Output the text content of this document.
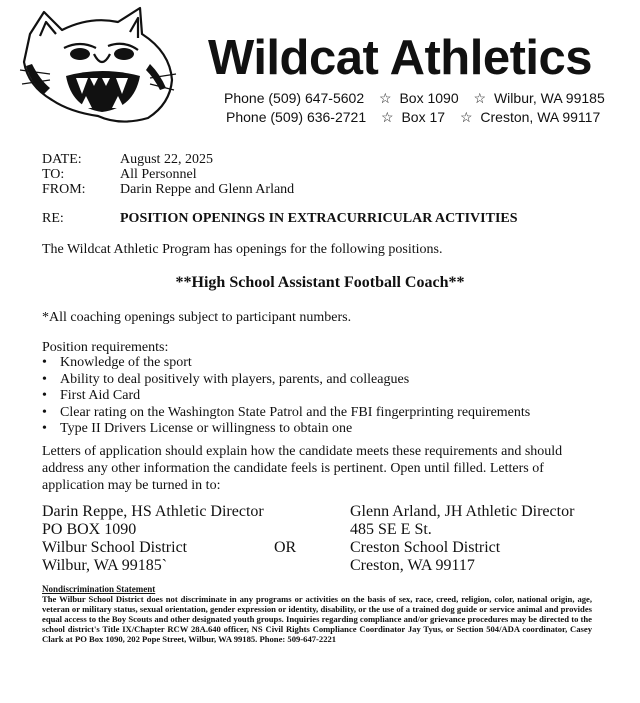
Wildcat Athletics
Phone (509) 647-5602 ☆ Box 1090 ☆ Wilbur, WA 99185
Phone (509) 636-2721 ☆ Box 17 ☆ Creston, WA 99117
DATE:	August 22, 2025
TO:	All Personnel
FROM: Darin Reppe and Glenn Arland
RE:	POSITION OPENINGS IN EXTRACURRICULAR ACTIVITIES
The Wildcat Athletic Program has openings for the following positions.
**High School Assistant Football Coach**
*All coaching openings subject to participant numbers.
Position requirements:
• Knowledge of the sport
• Ability to deal positively with players, parents, and colleagues
• First Aid Card
• Clear rating on the Washington State Patrol and the FBI fingerprinting requirements
• Type II Drivers License or willingness to obtain one
Letters of application should explain how the candidate meets these requirements and should address any other information the candidate feels is pertinent. Open until filled. Letters of application may be turned in to:
Darin Reppe, HS Athletic Director
PO BOX 1090
Wilbur School District
Wilbur, WA 99185`
OR
Glenn Arland, JH Athletic Director
485 SE E St.
Creston School District
Creston, WA 99117
Nondiscrimination Statement
The Wilbur School District does not discriminate in any programs or activities on the basis of sex, race, creed, religion, color, national origin, age, veteran or military status, sexual orientation, gender expression or identity, disability, or the use of a trained dog guide or service animal and provides equal access to the Boy Scouts and other designated youth groups. Inquiries regarding compliance and/or grievance procedures may be directed to the school district's Title IX/Chapter RCW 28A.640 officer, NS Civil Rights Compliance Coordinator Jay Tyus, or Section 504/ADA coordinator, Casey Clark at PO Box 1090, 202 Pope Street, Wilbur, WA 99185. Phone: 509-647-2221
